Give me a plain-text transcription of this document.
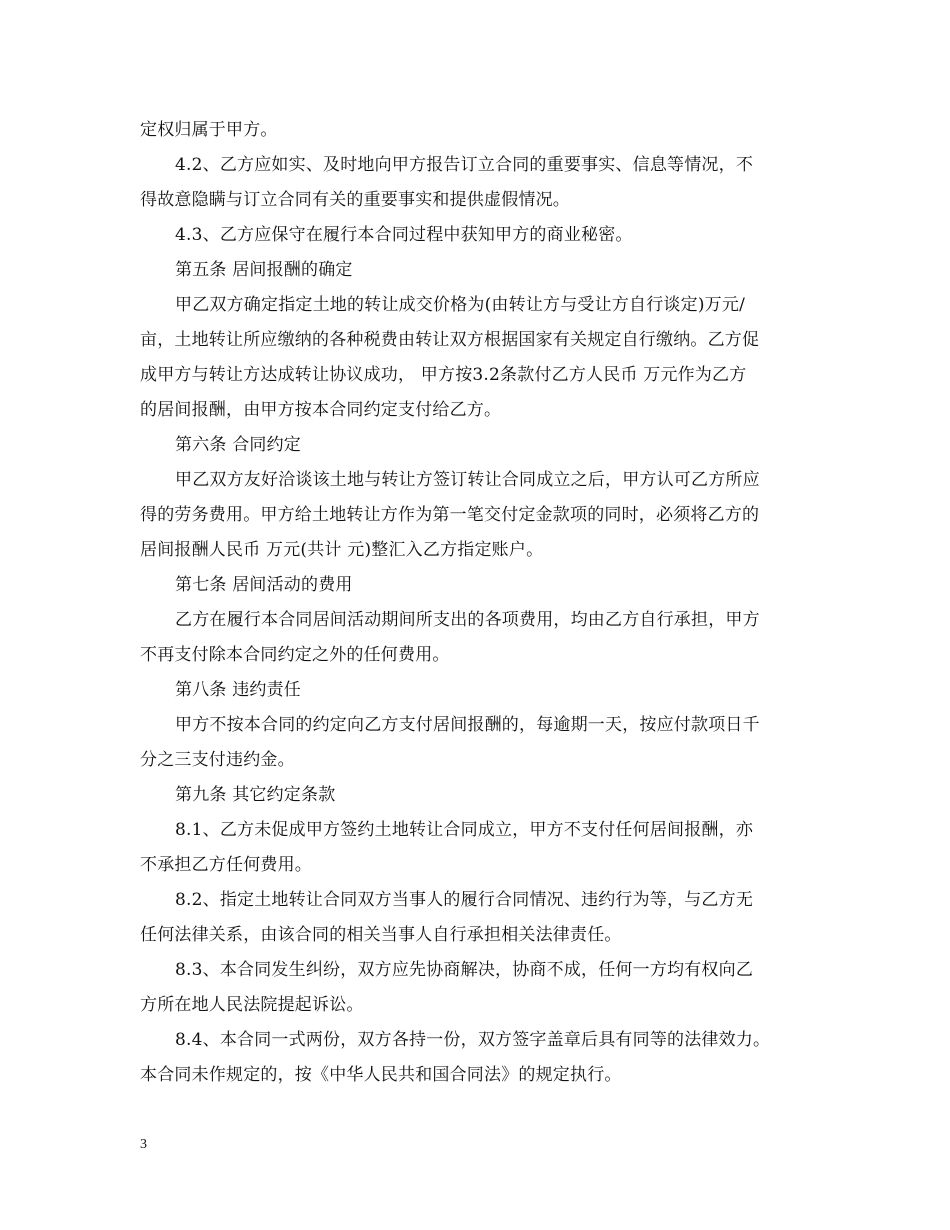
定权归属于甲方。
4.2、乙方应如实、及时地向甲方报告订立合同的重要事实、信息等情况，不
得故意隐瞒与订立合同有关的重要事实和提供虚假情况。
4.3、乙方应保守在履行本合同过程中获知甲方的商业秘密。
第五条 居间报酬的确定
甲乙双方确定指定土地的转让成交价格为(由转让方与受让方自行谈定)万元/
亩，土地转让所应缴纳的各种税费由转让双方根据国家有关规定自行缴纳。乙方促
成甲方与转让方达成转让协议成功， 甲方按3.2条款付乙方人民币 万元作为乙方
的居间报酬，由甲方按本合同约定支付给乙方。
第六条 合同约定
甲乙双方友好洽谈该土地与转让方签订转让合同成立之后，甲方认可乙方所应
得的劳务费用。甲方给土地转让方作为第一笔交付定金款项的同时，必须将乙方的
居间报酬人民币 万元(共计 元)整汇入乙方指定账户。
第七条 居间活动的费用
乙方在履行本合同居间活动期间所支出的各项费用，均由乙方自行承担，甲方
不再支付除本合同约定之外的任何费用。
第八条 违约责任
甲方不按本合同的约定向乙方支付居间报酬的，每逾期一天，按应付款项日千
分之三支付违约金。
第九条 其它约定条款
8.1、乙方未促成甲方签约土地转让合同成立，甲方不支付任何居间报酬，亦
不承担乙方任何费用。
8.2、指定土地转让合同双方当事人的履行合同情况、违约行为等，与乙方无
任何法律关系，由该合同的相关当事人自行承担相关法律责任。
8.3、本合同发生纠纷，双方应先协商解决，协商不成，任何一方均有权向乙
方所在地人民法院提起诉讼。
8.4、本合同一式两份，双方各持一份，双方签字盖章后具有同等的法律效力。
本合同未作规定的，按《中华人民共和国合同法》的规定执行。
3
